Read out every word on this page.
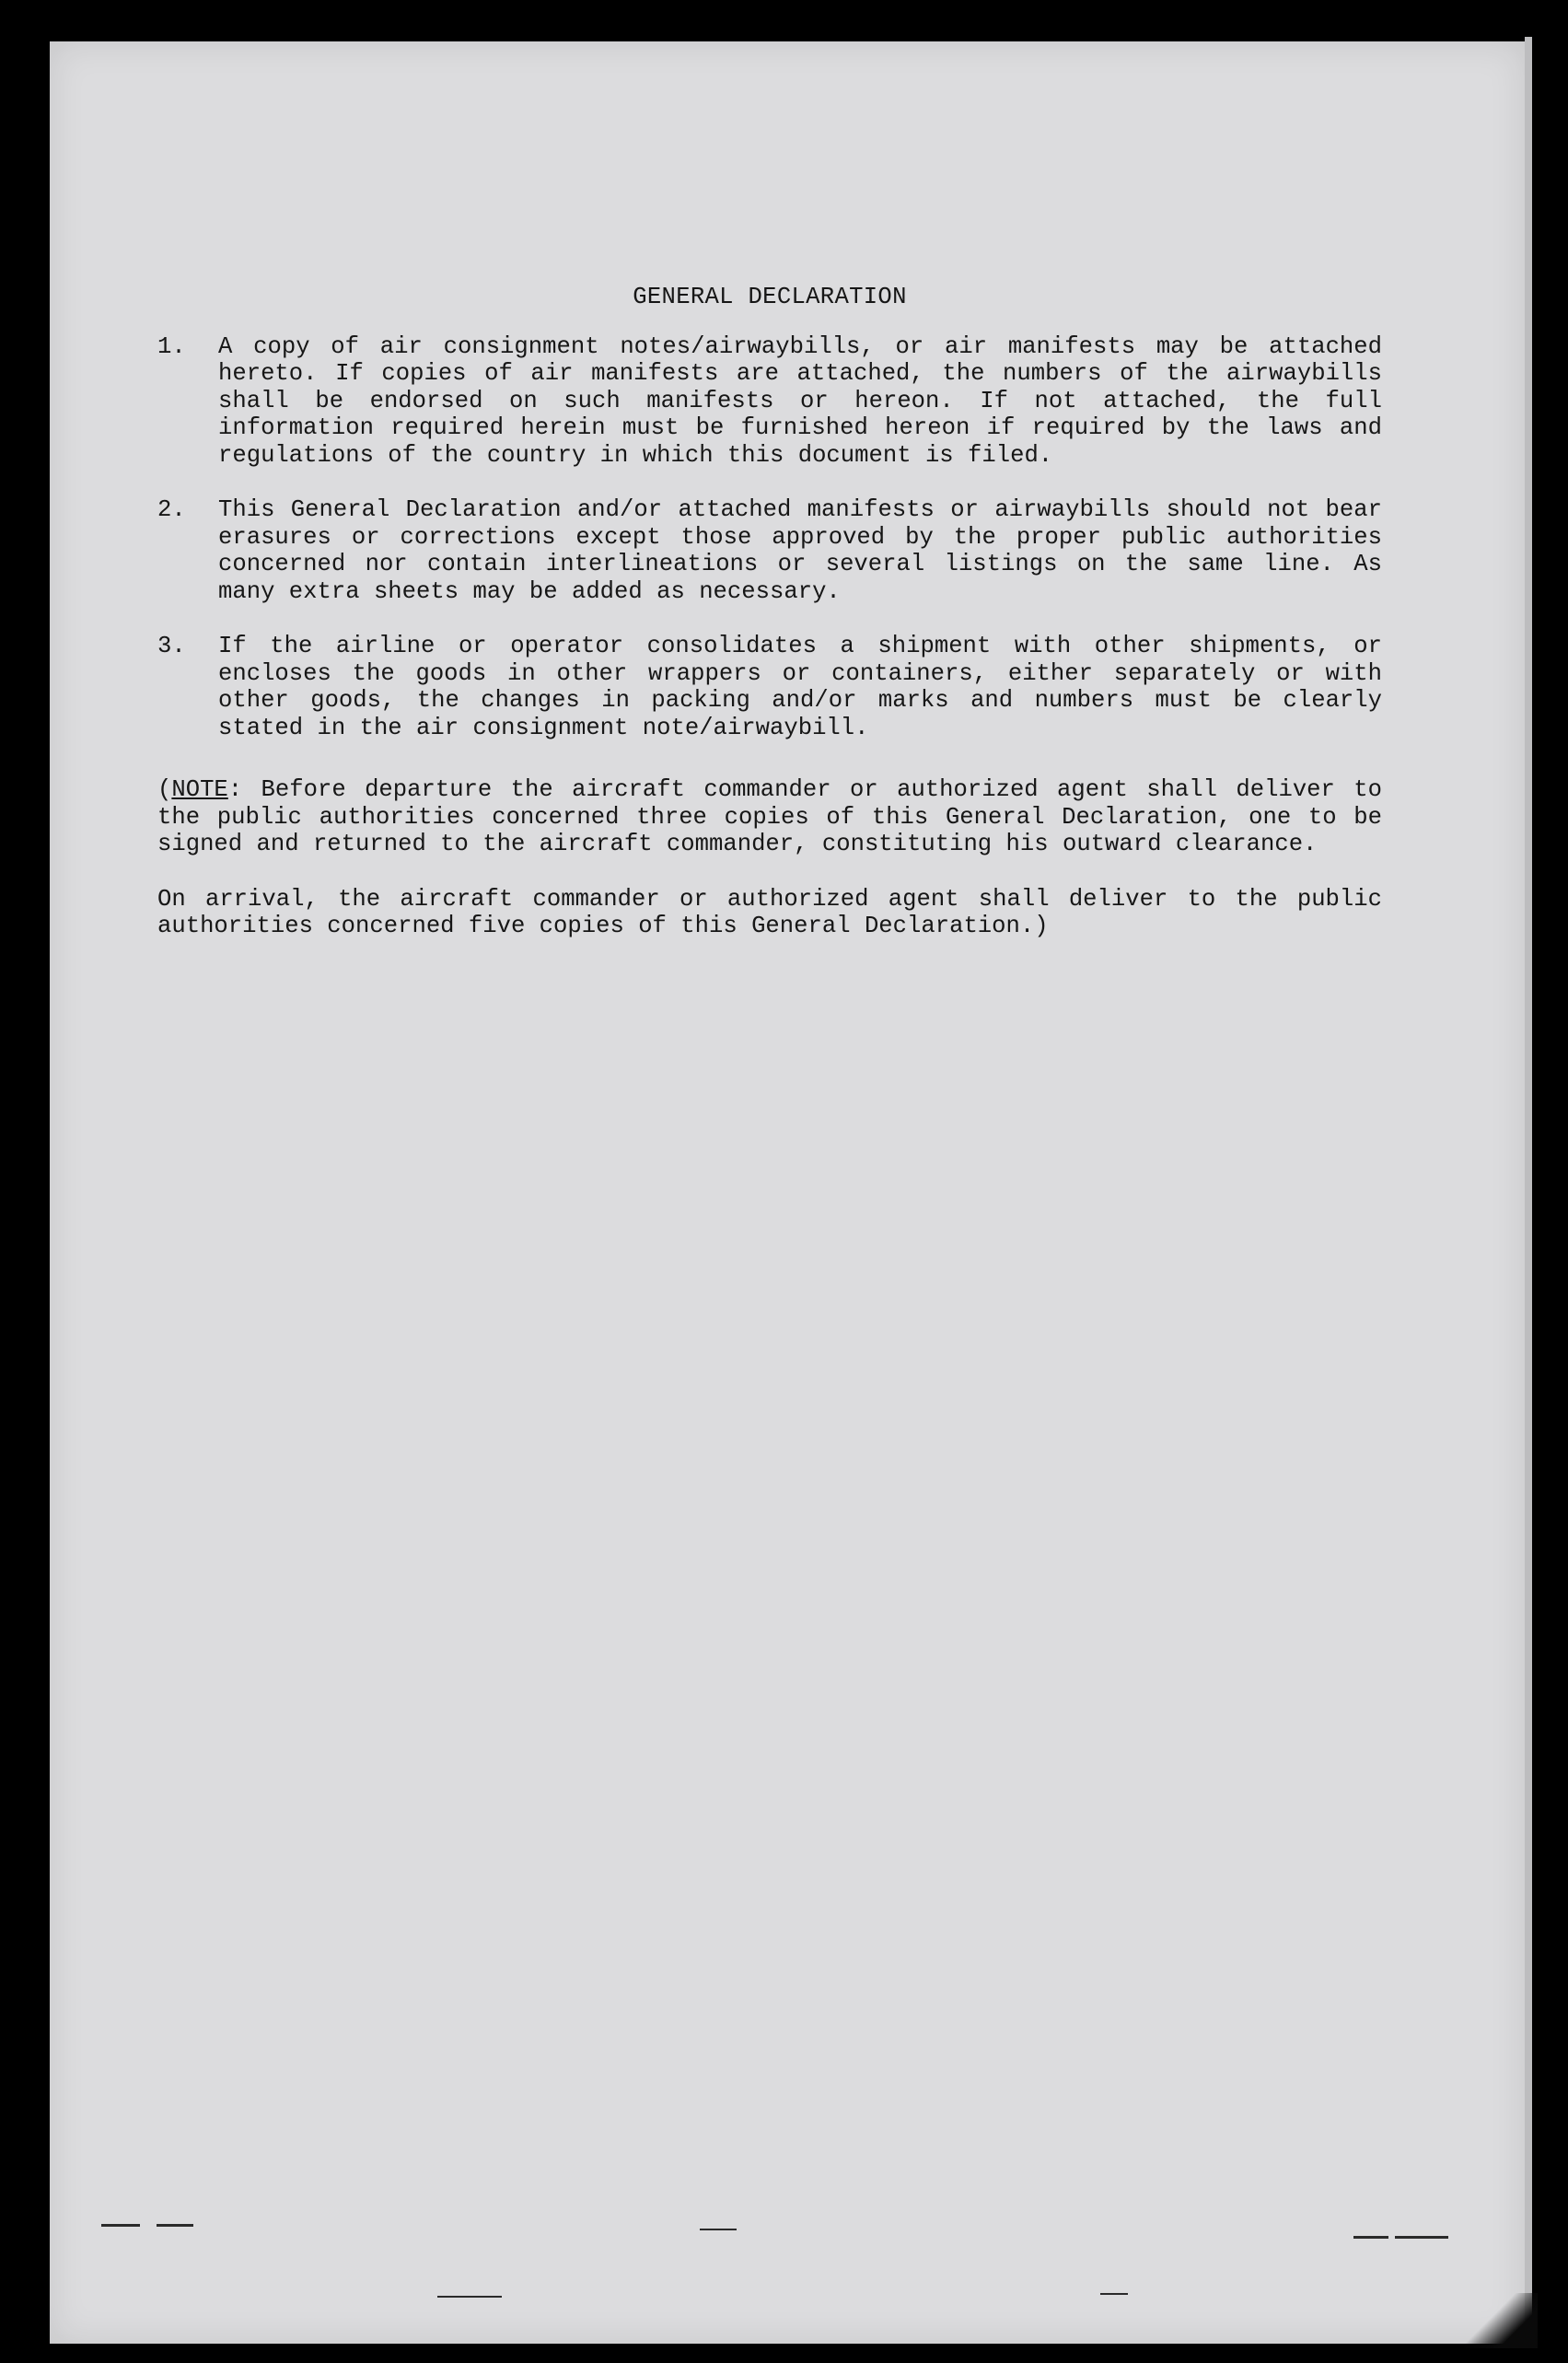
GENERAL DECLARATION
1.	A copy of air consignment notes/airwaybills, or air manifests may be attached hereto. If copies of air manifests are attached, the numbers of the airwaybills shall be endorsed on such manifests or hereon. If not attached, the full information required herein must be furnished hereon if required by the laws and regulations of the country in which this document is filed.

2.	This General Declaration and/or attached manifests or airwaybills should not bear erasures or corrections except those approved by the proper public authorities concerned nor contain interlineations or several listings on the same line. As many extra sheets may be added as necessary.

3.	If the airline or operator consolidates a shipment with other shipments, or encloses the goods in other wrappers or containers, either separately or with other goods, the changes in packing and/or marks and numbers must be clearly stated in the air consignment note/airwaybill.

(NOTE: Before departure the aircraft commander or authorized agent shall deliver to the public authorities concerned three copies of this General Declaration, one to be signed and returned to the aircraft commander, constituting his outward clearance.

On arrival, the aircraft commander or authorized agent shall deliver to the public authorities concerned five copies of this General Declaration.)
